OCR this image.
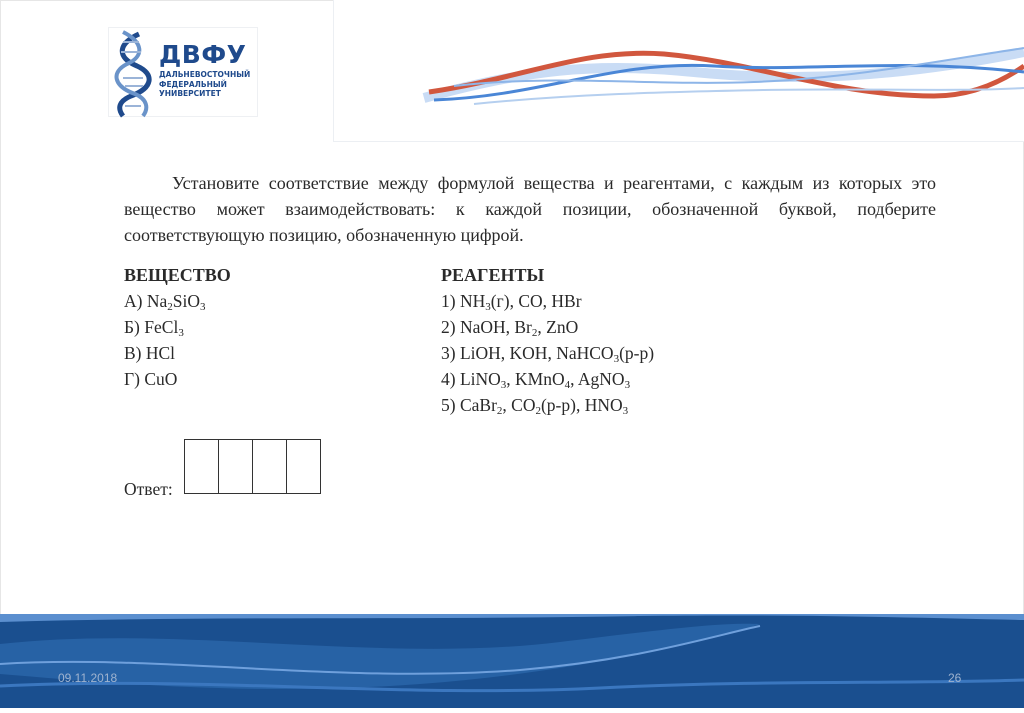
ДВФУ
ДАЛЬНЕВОСТОЧНЫЙ
ФЕДЕРАЛЬНЫЙ
УНИВЕРСИТЕТ

Установите соответствие между формулой вещества и реагентами, с каждым из которых это вещество может взаимодействовать: к каждой позиции, обозначенной буквой, подберите соответствующую позицию, обозначенную цифрой.

ВЕЩЕСТВО
А) $Na_2SiO_3$
Б) FeCl$_3$
В) HCl
Г) CuO
РЕАГЕНТЫ
1) $NH_3(г)$, CO, HBr
2) NaOH, $Br_2$, ZnO
3) LiOH, KOH, NaHCO$_3$(р-р)
4) LiNO$_3$, KMnO$_4$, AgNO$_3$
5) CaBr$_2$, $CO_2(р-р)$, $HNO_3$
Ответ:
09.11.2018	26
